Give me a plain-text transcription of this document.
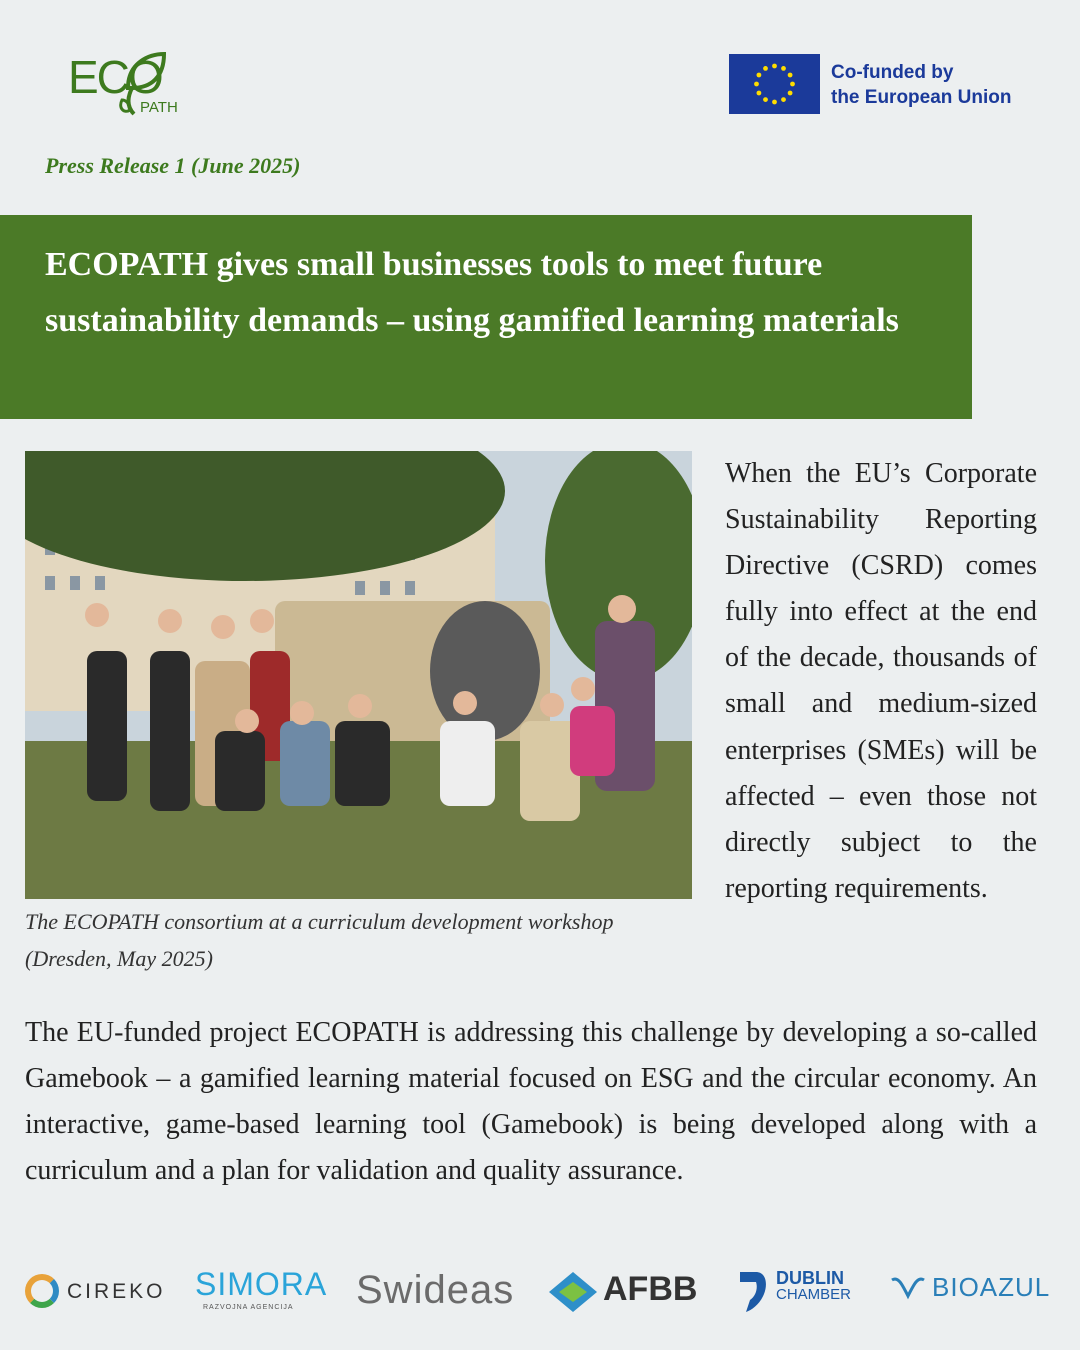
ECO
PATH
Co-funded by
the European Union
Press Release 1 (June 2025)
ECOPATH gives small businesses tools to meet future sustainability demands – using gamified learning materials
The ECOPATH consortium at a curriculum development workshop (Dresden, May 2025)

When the EU’s Corporate Sustainability Reporting Directive (CSRD) comes fully into effect at the end of the decade, thousands of small and medium-sized enterprises (SMEs) will be affected – even those not directly subject to the reporting requirements.

The EU-funded project ECOPATH is addressing this challenge by developing a so-called Gamebook – a gamified learning material focused on ESG and the circular economy. An interactive, game-based learning tool (Gamebook) is being developed along with a curriculum and a plan for validation and quality assurance.

CIREKO SIMORA
RAZVOJNA AGENCIJA Swideas	AFBB	DUBLIN
CHAMBER	BIOAZUL
